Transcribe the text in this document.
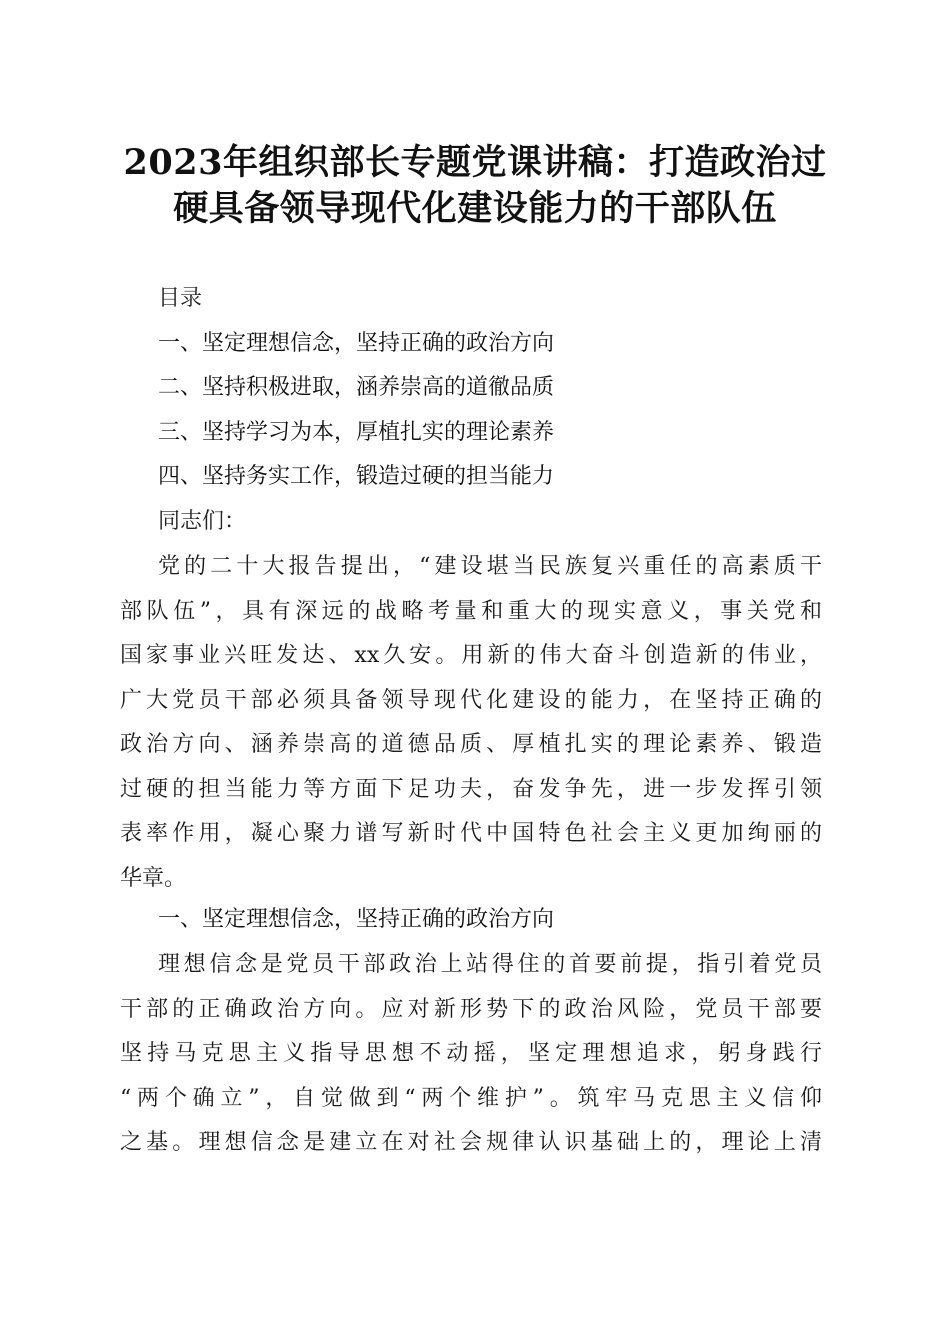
2023年组织部长专题党课讲稿：打造政治过
硬具备领导现代化建设能力的干部队伍
目录
一、坚定理想信念，坚持正确的政治方向
二、坚持积极进取，涵养崇高的道徹品质
三、坚持学习为本，厚植扎实的理论素养
四、坚持务实工作，锻造过硬的担当能力
同志们：
党的二十大报告提出，“建设堪当民族复兴重任的高素质干
部队伍”，具有深远的战略考量和重大的现实意义，事关党和
国家事业兴旺发达、xx久安。用新的伟大奋斗创造新的伟业，
广大党员干部必须具备领导现代化建设的能力，在坚持正确的
政治方向、涵养崇高的道德品质、厚植扎实的理论素养、锻造
过硬的担当能力等方面下足功夫，奋发争先，进一步发挥引领
表率作用，凝心聚力谱写新时代中国特色社会主义更加绚丽的
华章。
一、坚定理想信念，坚持正确的政治方向
理想信念是党员干部政治上站得住的首要前提，指引着党员
干部的正确政治方向。应对新形势下的政治风险，党员干部要
坚持马克思主义指导思想不动摇，坚定理想追求，躬身践行
“两个确立”，自觉做到“两个维护”。筑牢马克思主义信仰
之基。理想信念是建立在对社会规律认识基础上的，理论上清
